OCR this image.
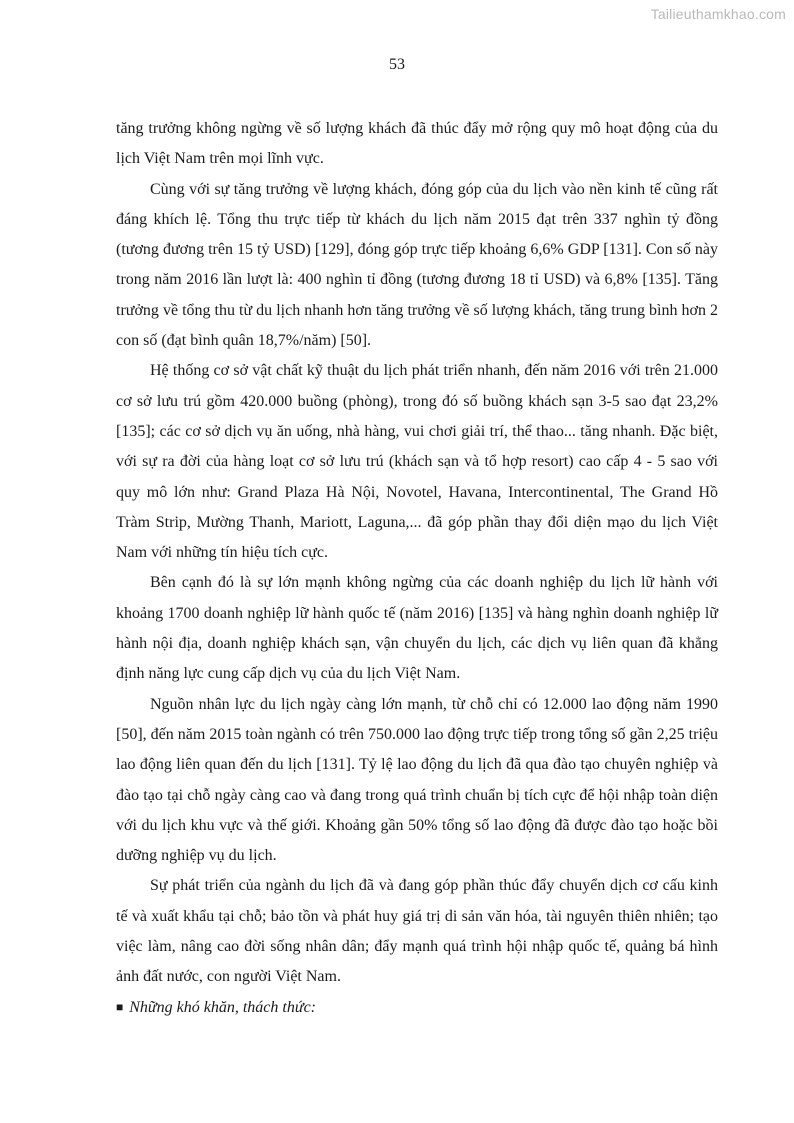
Tailieuthamkhao.com
53

tăng trưởng không ngừng về số lượng khách đã thúc đẩy mở rộng quy mô hoạt động của du lịch Việt Nam trên mọi lĩnh vực.

Cùng với sự tăng trưởng về lượng khách, đóng góp của du lịch vào nền kinh tế cũng rất đáng khích lệ. Tổng thu trực tiếp từ khách du lịch năm 2015 đạt trên 337 nghìn tỷ đồng (tương đương trên 15 tỷ USD) [129], đóng góp trực tiếp khoảng 6,6% GDP [131]. Con số này trong năm 2016 lần lượt là: 400 nghìn tỉ đồng (tương đương 18 tỉ USD) và 6,8% [135]. Tăng trưởng về tổng thu từ du lịch nhanh hơn tăng trưởng về số lượng khách, tăng trung bình hơn 2 con số (đạt bình quân 18,7%/năm) [50].

Hệ thống cơ sở vật chất kỹ thuật du lịch phát triển nhanh, đến năm 2016 với trên 21.000 cơ sở lưu trú gồm 420.000 buồng (phòng), trong đó số buồng khách sạn 3-5 sao đạt 23,2% [135]; các cơ sở dịch vụ ăn uống, nhà hàng, vui chơi giải trí, thể thao... tăng nhanh. Đặc biệt, với sự ra đời của hàng loạt cơ sở lưu trú (khách sạn và tổ hợp resort) cao cấp 4 - 5 sao với quy mô lớn như: Grand Plaza Hà Nội, Novotel, Havana, Intercontinental, The Grand Hồ Tràm Strip, Mường Thanh, Mariott, Laguna,... đã góp phần thay đổi diện mạo du lịch Việt Nam với những tín hiệu tích cực.

Bên cạnh đó là sự lớn mạnh không ngừng của các doanh nghiệp du lịch lữ hành với khoảng 1700 doanh nghiệp lữ hành quốc tế (năm 2016) [135] và hàng nghìn doanh nghiệp lữ hành nội địa, doanh nghiệp khách sạn, vận chuyển du lịch, các dịch vụ liên quan đã khẳng định năng lực cung cấp dịch vụ của du lịch Việt Nam.

Nguồn nhân lực du lịch ngày càng lớn mạnh, từ chỗ chỉ có 12.000 lao động năm 1990 [50], đến năm 2015 toàn ngành có trên 750.000 lao động trực tiếp trong tổng số gần 2,25 triệu lao động liên quan đến du lịch [131]. Tỷ lệ lao động du lịch đã qua đào tạo chuyên nghiệp và đào tạo tại chỗ ngày càng cao và đang trong quá trình chuẩn bị tích cực để hội nhập toàn diện với du lịch khu vực và thế giới. Khoảng gần 50% tổng số lao động đã được đào tạo hoặc bồi dưỡng nghiệp vụ du lịch.

Sự phát triển của ngành du lịch đã và đang góp phần thúc đẩy chuyển dịch cơ cấu kinh tế và xuất khẩu tại chỗ; bảo tồn và phát huy giá trị di sản văn hóa, tài nguyên thiên nhiên; tạo việc làm, nâng cao đời sống nhân dân; đẩy mạnh quá trình hội nhập quốc tế, quảng bá hình ảnh đất nước, con người Việt Nam.

■ Những khó khăn, thách thức:
